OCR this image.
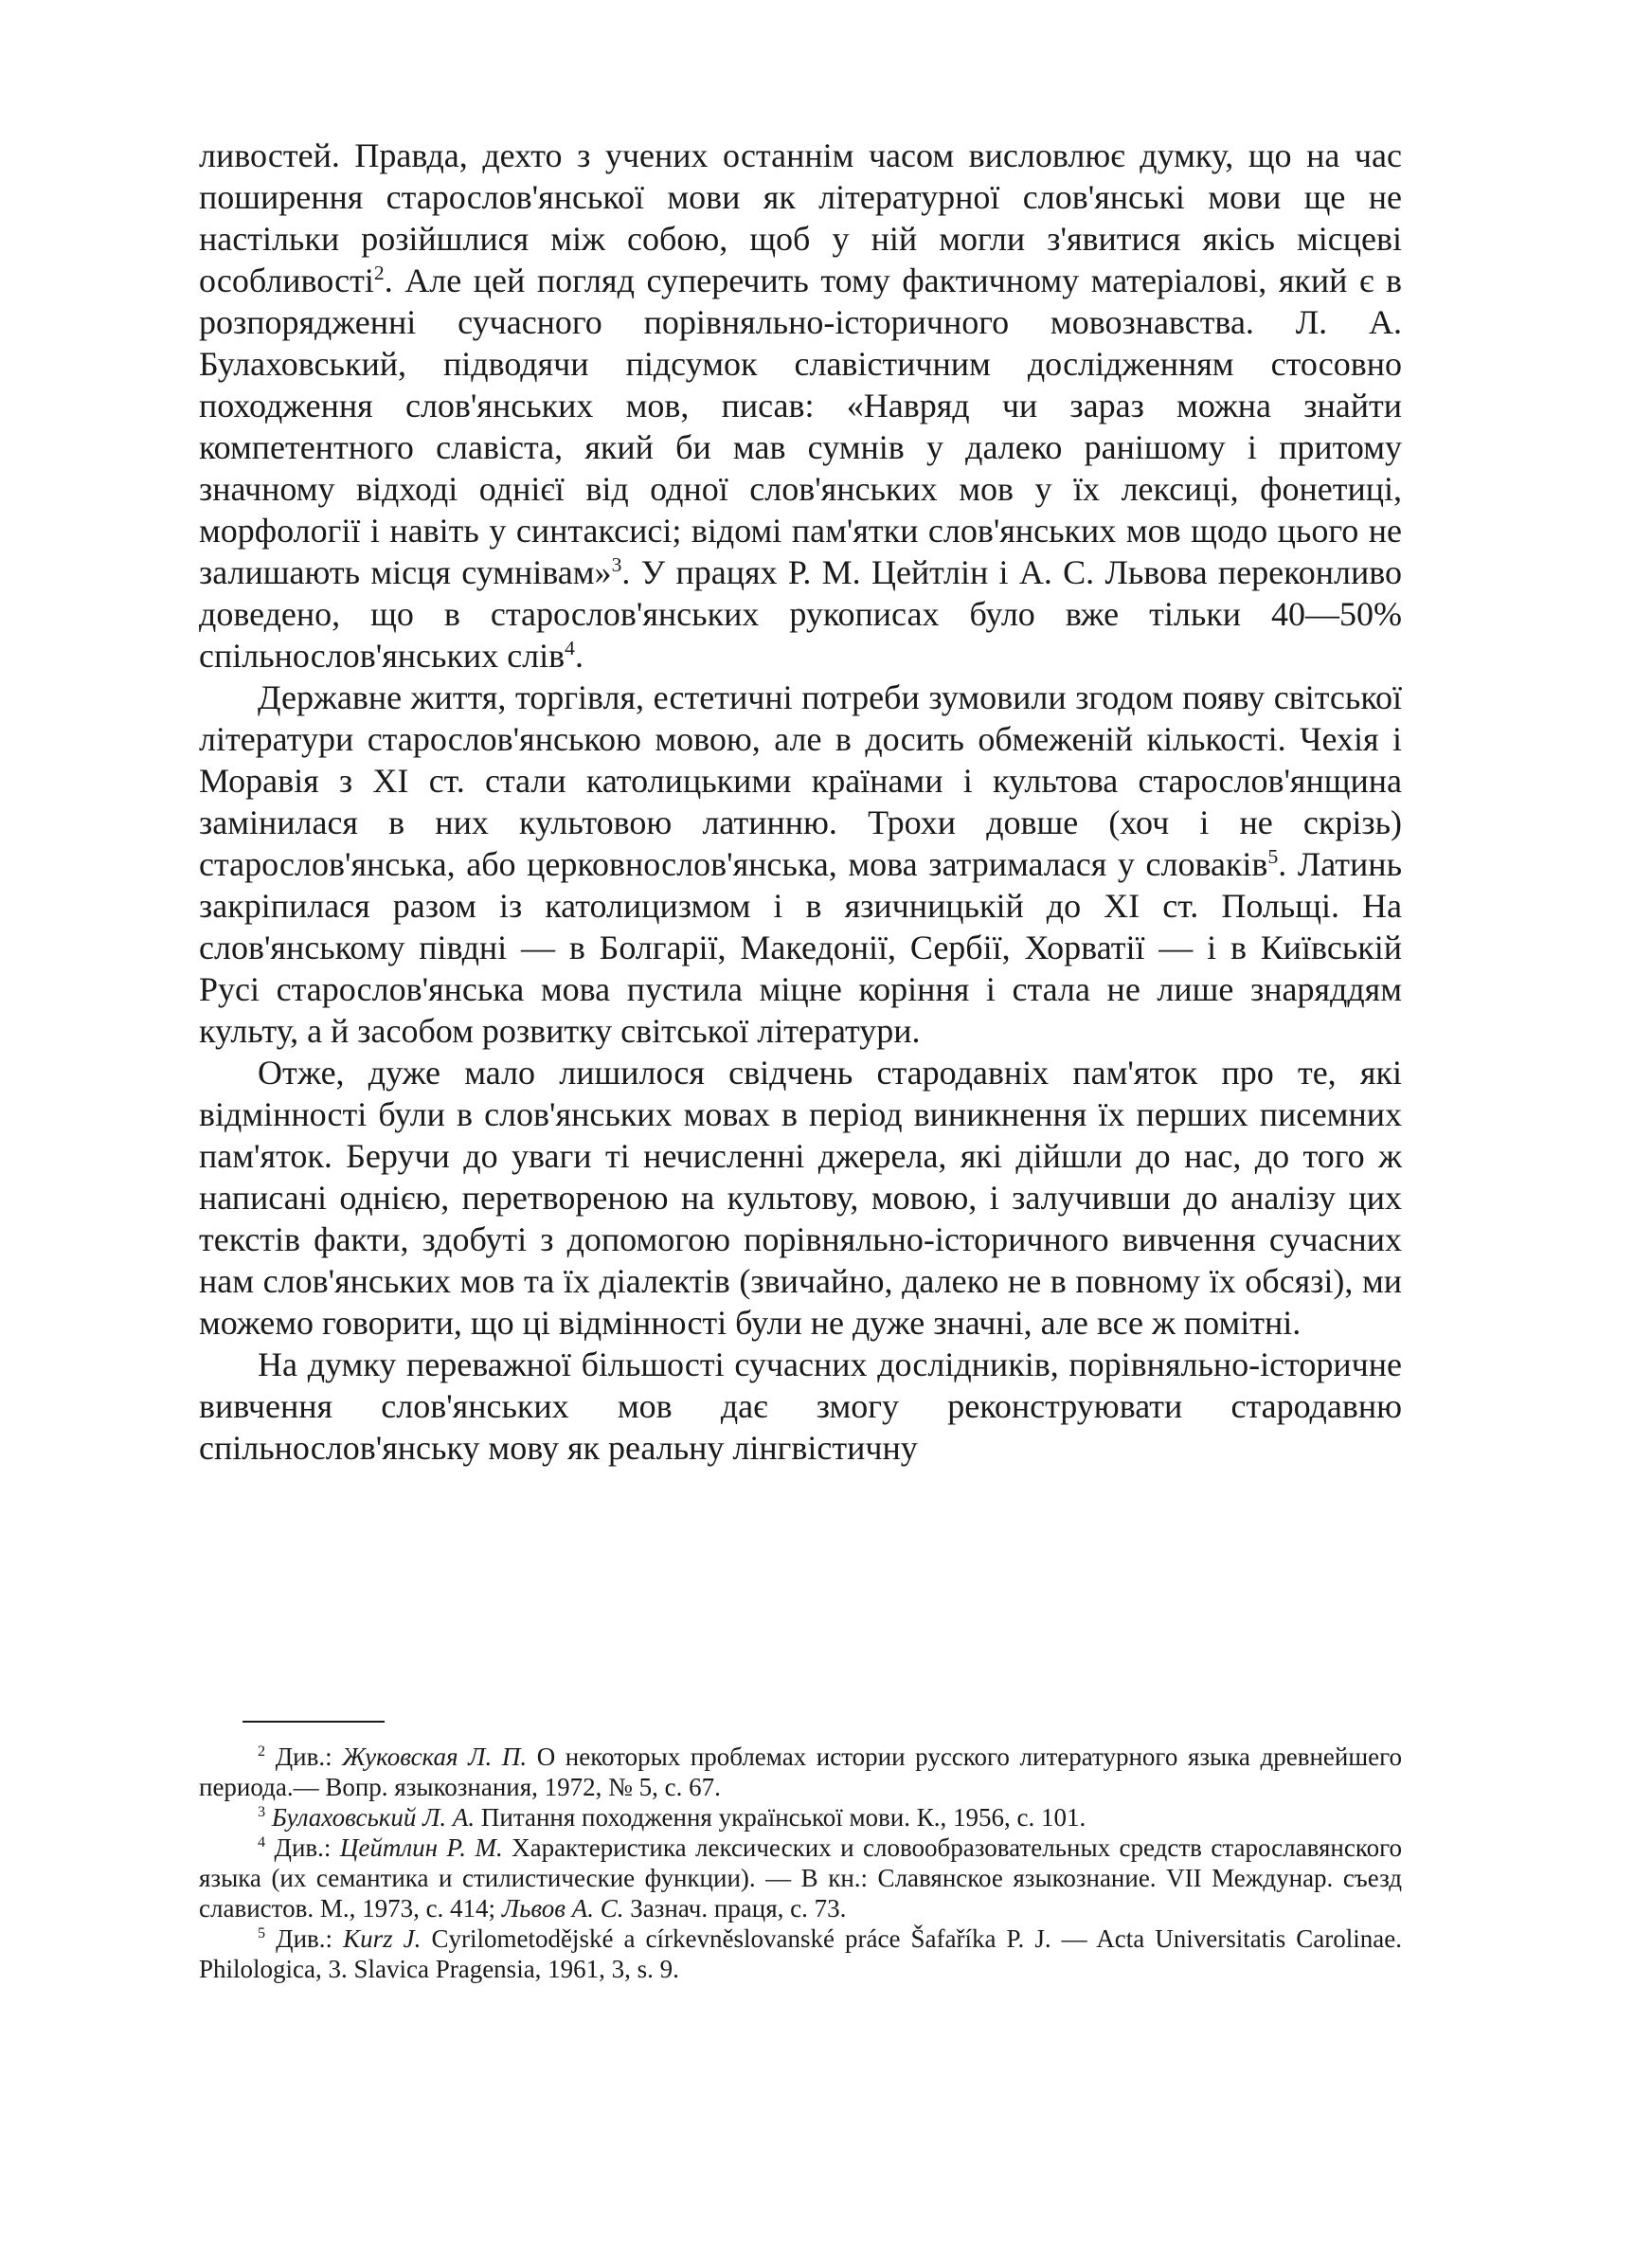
ливостей. Правда, дехто з учених останнім часом висловлює думку, що на час поширення старослов'янської мови як літературної слов'янські мови ще не настільки розійшлися між собою, щоб у ній могли з'явитися якісь місцеві особливості$^2$. Але цей погляд суперечить тому фактичному матеріалові, який є в розпорядженні сучасного порівняльно-історичного мовознавства. Л. А. Булаховський, підводячи підсумок славістичним дослідженням стосовно походження слов'янських мов, писав: «Навряд чи зараз можна знайти компетентного славіста, який би мав сумнів у далеко ранішому і притому значному відході однієї від одної слов'янських мов у їх лексиці, фонетиці, морфології і навіть у синтаксисі; відомі пам'ятки слов'янських мов щодо цього не залишають місця сумнівам»$^3$. У працях Р. М. Цейтлін і А. С. Львова переконливо доведено, що в старослов'янських рукописах було вже тільки 40—50% спільнослов'янських слів$^4$.

Державне життя, торгівля, естетичні потреби зумовили згодом появу світської літератури старослов'янською мовою, але в досить обмеженій кількості. Чехія і Моравія з XI ст. стали католицькими країнами і культова старослов'янщина замінилася в них культовою латинню. Трохи довше (хоч і не скрізь) старослов'янська, або церковнослов'янська, мова затрималася у словаків$^5$. Латинь закріпилася разом із католицизмом і в язичницькій до XI ст. Польщі. На слов'янському півдні — в Болгарії, Македонії, Сербії, Хорватії — і в Київській Русі старослов'янська мова пустила міцне коріння і стала не лише знаряддям культу, а й засобом розвитку світської літератури.

Отже, дуже мало лишилося свідчень стародавніх пам'яток про те, які відмінності були в слов'янських мовах в період виникнення їх перших писемних пам'яток. Беручи до уваги ті нечисленні джерела, які дійшли до нас, до того ж написані однією, перетвореною на культову, мовою, і залучивши до аналізу цих текстів факти, здобуті з допомогою порівняльно-історичного вивчення сучасних нам слов'янських мов та їх діалектів (звичайно, далеко не в повному їх обсязі), ми можемо говорити, що ці відмінності були не дуже значні, але все ж помітні.

На думку переважної більшості сучасних дослідників, порівняльно-історичне вивчення слов'янських мов дає змогу реконструювати стародавню спільнослов'янську мову як реальну лінгвістичну

$^2$ Див.: Жуковская Л. П. О некоторых проблемах истории русского литературного языка древнейшего периода.— Вопр. языкознания, 1972, № 5, с. 67.

$^3$ Булаховський Л. А. Питання походження української мови. К., 1956, с. 101.

$^4$ Див.: Цейтлин Р. М. Характеристика лексических и словообразовательных средств старославянского языка (их семантика и стилистические функции). — В кн.: Славянское языкознание. VII Междунар. съезд славистов. М., 1973, с. 414; Львов А. С. Зазнач. праця, с. 73.

$^5$ Див.: Kurz J. Cyrilometodějské a církevněslovanské práce Šafaříka P. J. — Acta Universitatis Carolinae. Philologica, 3. Slavica Pragensia, 1961, 3, s. 9.
